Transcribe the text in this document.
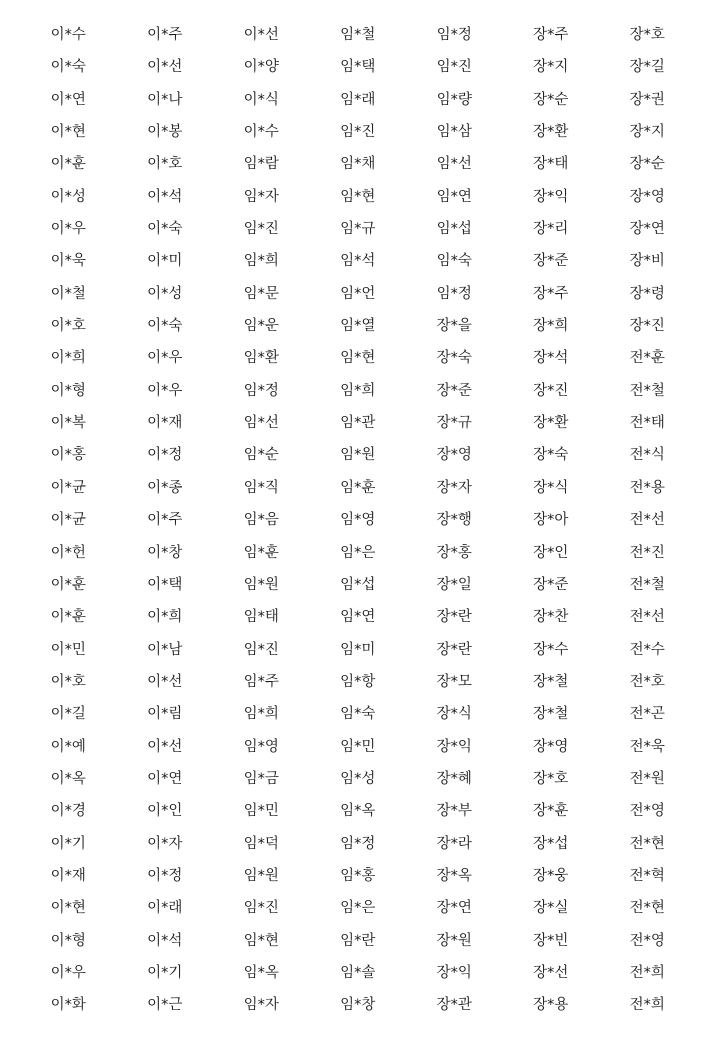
이*수	이*주	이*선	임*철	임*정	장*주	장*호
이*숙	이*선	이*양	임*택	임*진	장*지	장*길
이*연	이*나	이*식	임*래	임*량	장*순	장*권
이*현	이*봉	이*수	임*진	임*삼	장*환	장*지
이*훈	이*호	임*람	임*채	임*선	장*태	장*순
이*성	이*석	임*자	임*현	임*연	장*익	장*영
이*우	이*숙	임*진	임*규	임*섭	장*리	장*연
이*욱	이*미	임*희	임*석	임*숙	장*준	장*비
이*철	이*성	임*문	임*언	임*정	장*주	장*령
이*호	이*숙	임*운	임*열	장*을	장*희	장*진
이*희	이*우	임*환	임*현	장*숙	장*석	전*훈
이*형	이*우	임*정	임*희	장*준	장*진	전*철
이*복	이*재	임*선	임*관	장*규	장*환	전*태
이*홍	이*정	임*순	임*원	장*영	장*숙	전*식
이*균	이*종	임*직	임*훈	장*자	장*식	전*용
이*균	이*주	임*음	임*영	장*행	장*아	전*선
이*헌	이*창	임*훈	임*은	장*홍	장*인	전*진
이*훈	이*택	임*원	임*섭	장*일	장*준	전*철
이*훈	이*희	임*태	임*연	장*란	장*찬	전*선
이*민	이*남	임*진	임*미	장*란	장*수	전*수
이*호	이*선	임*주	임*항	장*모	장*철	전*호
이*길	이*림	임*희	임*숙	장*식	장*철	전*곤
이*예	이*선	임*영	임*민	장*익	장*영	전*욱
이*옥	이*연	임*금	임*성	장*혜	장*호	전*원
이*경	이*인	임*민	임*옥	장*부	장*훈	전*영
이*기	이*자	임*덕	임*정	장*라	장*섭	전*현
이*재	이*정	임*원	임*홍	장*옥	장*웅	전*혁
이*현	이*래	임*진	임*은	장*연	장*실	전*현
이*형	이*석	임*현	임*란	장*원	장*빈	전*영
이*우	이*기	임*옥	임*솔	장*익	장*선	전*희
이*화	이*근	임*자	임*창	장*관	장*용	전*희
